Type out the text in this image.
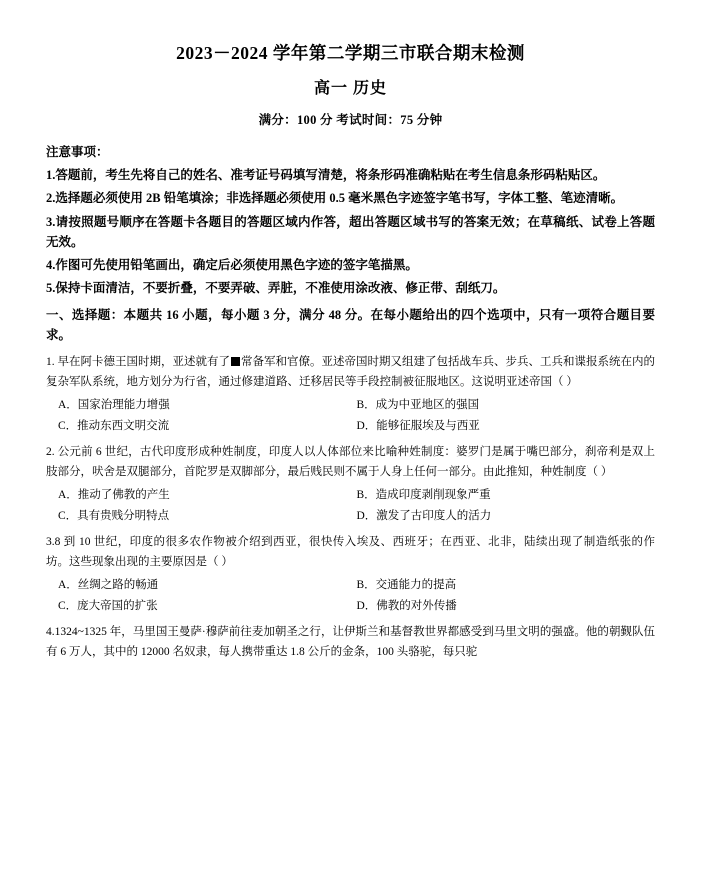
2023－2024 学年第二学期三市联合期末检测
高一 历史
满分：100 分 考试时间：75 分钟
注意事项：
1.答题前，考生先将自己的姓名、准考证号码填写清楚，将条形码准确粘贴在考生信息条形码粘贴区。
2.选择题必须使用 2B 铅笔填涂；非选择题必须使用 0.5 毫米黑色字迹签字笔书写，字体工整、笔迹清晰。
3.请按照题号顺序在答题卡各题目的答题区域内作答，超出答题区域书写的答案无效；在草稿纸、试卷上答题无效。
4.作图可先使用铅笔画出，确定后必须使用黑色字迹的签字笔描黑。
5.保持卡面清洁，不要折叠，不要弄破、弄脏，不准使用涂改液、修正带、刮纸刀。
一、选择题：本题共 16 小题，每小题 3 分，满分 48 分。在每小题给出的四个选项中，只有一项符合题目要求。
1. 早在阿卡德王国时期，亚述就有了 常备军和官僚。亚述帝国时期又组建了包括战车兵、步兵、工兵和谍报系统在内的复杂军队系统，地方划分为行省，通过修建道路、迁移居民等手段控制被征服地区。这说明亚述帝国（ ）
A．国家治理能力增强	B．成为中亚地区的强国
C．推动东西文明交流	D．能够征服埃及与西亚
2. 公元前 6 世纪，古代印度形成种姓制度，印度人以人体部位来比喻种姓制度：婆罗门是属于嘴巴部分，刹帝利是双上肢部分，吠舍是双腿部分，首陀罗是双脚部分，最后贱民则不属于人身上任何一部分。由此推知，种姓制度（ ）
A．推动了佛教的产生	B．造成印度剥削现象严重
C．具有贵贱分明特点	D．激发了古印度人的活力
3.8 到 10 世纪，印度的很多农作物被介绍到西亚，很快传入埃及、西班牙；在西亚、北非，陆续出现了制造纸张的作坊。这些现象出现的主要原因是（ ）
A．丝绸之路的畅通	B．交通能力的提高
C．庞大帝国的扩张	D．佛教的对外传播
4.1324~1325 年，马里国王曼萨·穆萨前往麦加朝圣之行，让伊斯兰和基督教世界都感受到马里文明的强盛。他的朝觐队伍有 6 万人，其中的 12000 名奴隶，每人携带重达 1.8 公斤的金条，100 头骆驼，每只驼
